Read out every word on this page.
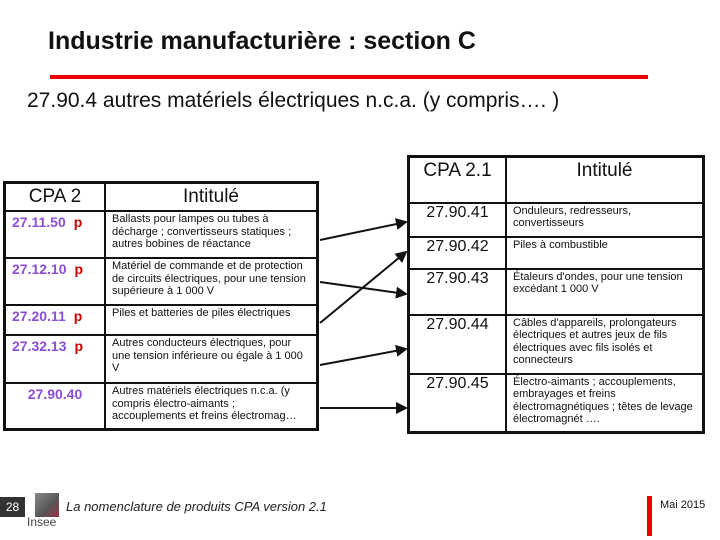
Industrie manufacturière : section C
27.90.4 autres matériels électriques n.c.a. (y compris…. )
CPA 2	Intitulé
27.11.50 p	Ballasts pour lampes ou tubes à décharge ; convertisseurs statiques ; autres bobines de réactance
27.12.10 p	Matériel de commande et de protection de circuits électriques, pour une tension supérieure à 1 000 V
27.20.11 p	Piles et batteries de piles électriques
27.32.13 p	Autres conducteurs électriques, pour une tension inférieure ou égale à 1 000 V
27.90.40	Autres matériels électriques n.c.a. (y compris électro-aimants ; accouplements et freins électromag…
CPA 2.1	Intitulé
27.90.41	Onduleurs, redresseurs, convertisseurs
27.90.42	Piles à combustible
27.90.43	Étaleurs d'ondes, pour une tension excédant 1 000 V
27.90.44	Câbles d'appareils, prolongateurs électriques et autres jeux de fils électriques avec fils isolés et connecteurs
27.90.45	Électro-aimants ; accouplements, embrayages et freins électromagnétiques ; têtes de levage électromagnét ….
28
Insee
La nomenclature de produits CPA version 2.1	Mai 2015
